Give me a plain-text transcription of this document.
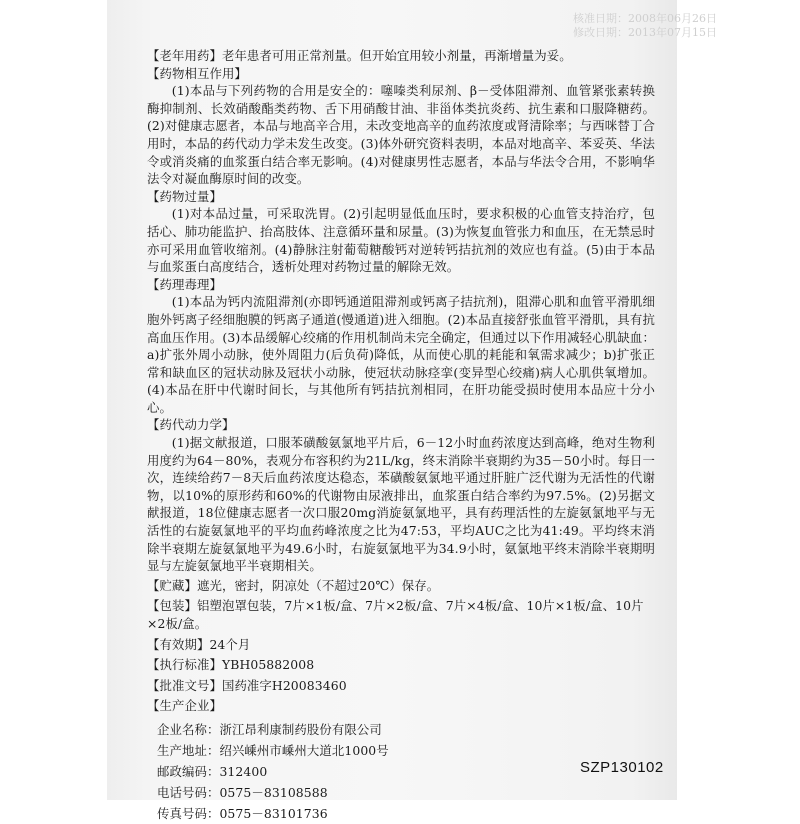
核准日期：2008年06月26日
修改日期：2013年07月15日
【老年用药】老年患者可用正常剂量。但开始宜用较小剂量，再渐增量为妥。
【药物相互作用】

(1)本品与下列药物的合用是安全的：噻嗪类利尿剂、β－受体阻滞剂、血管紧张素转换酶抑制剂、长效硝酸酯类药物、舌下用硝酸甘油、非甾体类抗炎药、抗生素和口服降糖药。(2)对健康志愿者，本品与地高辛合用，未改变地高辛的血药浓度或肾清除率；与西咪替丁合用时，本品的药代动力学未发生改变。(3)体外研究资料表明，本品对地高辛、苯妥英、华法令或消炎痛的血浆蛋白结合率无影响。(4)对健康男性志愿者，本品与华法令合用，不影响华法令对凝血酶原时间的改变。

【药物过量】

(1)对本品过量，可采取洗胃。(2)引起明显低血压时，要求积极的心血管支持治疗，包括心、肺功能监护、抬高肢体、注意循环量和尿量。(3)为恢复血管张力和血压，在无禁忌时亦可采用血管收缩剂。(4)静脉注射葡萄糖酸钙对逆转钙拮抗剂的效应也有益。(5)由于本品与血浆蛋白高度结合，透析处理对药物过量的解除无效。

【药理毒理】

(1)本品为钙内流阻滞剂(亦即钙通道阻滞剂或钙离子拮抗剂)，阻滞心肌和血管平滑肌细胞外钙离子经细胞膜的钙离子通道(慢通道)进入细胞。(2)本品直接舒张血管平滑肌，具有抗高血压作用。(3)本品缓解心绞痛的作用机制尚未完全确定，但通过以下作用减轻心肌缺血：a)扩张外周小动脉，使外周阻力(后负荷)降低，从而使心肌的耗能和氧需求减少；b)扩张正常和缺血区的冠状动脉及冠状小动脉，使冠状动脉痉挛(变异型心绞痛)病人心肌供氧增加。(4)本品在肝中代谢时间长，与其他所有钙拮抗剂相同，在肝功能受损时使用本品应十分小心。

【药代动力学】

(1)据文献报道，口服苯磺酸氨氯地平片后，6－12小时血药浓度达到高峰，绝对生物利用度约为64－80%，表观分布容积约为21L/kg，终末消除半衰期约为35－50小时。每日一次，连续给药7－8天后血药浓度达稳态，苯磺酸氨氯地平通过肝脏广泛代谢为无活性的代谢物，以10%的原形药和60%的代谢物由尿液排出，血浆蛋白结合率约为97.5%。(2)另据文献报道，18位健康志愿者一次口服20mg消旋氨氯地平，具有药理活性的左旋氨氯地平与无活性的右旋氨氯地平的平均血药峰浓度之比为47:53，平均AUC之比为41:49。平均终末消除半衰期左旋氨氯地平为49.6小时，右旋氨氯地平为34.9小时，氨氯地平终末消除半衰期明显与左旋氨氯地平半衰期相关。

【贮藏】遮光，密封，阴凉处（不超过20℃）保存。
【包装】铝塑泡罩包装，7片×1板/盒、7片×2板/盒、7片×4板/盒、10片×1板/盒、10片×2板/盒。
【有效期】24个月
【执行标准】YBH05882008
【批准文号】国药准字H20083460
【生产企业】
企业名称：浙江昂利康制药股份有限公司
生产地址：绍兴嵊州市嵊州大道北1000号
邮政编码：312400
电话号码：0575－83108588
传真号码：0575－83101736
SZP130102
